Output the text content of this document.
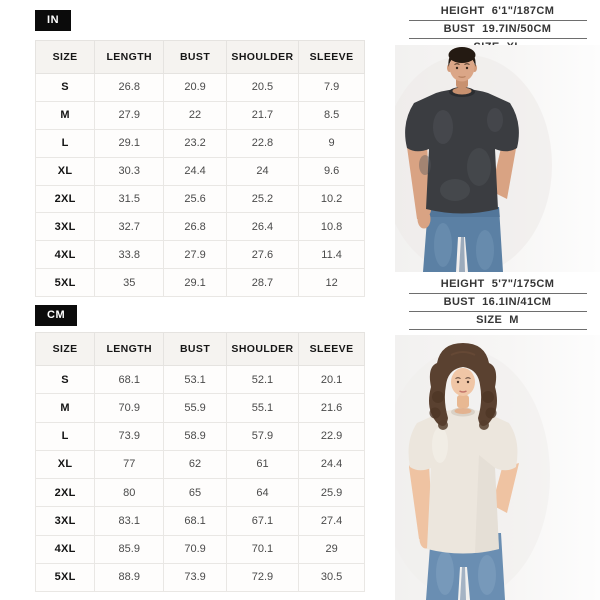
IN
SIZE	LENGTH	BUST	SHOULDER	SLEEVE
S	26.8	20.9	20.5	7.9
M	27.9	22	21.7	8.5
L	29.1	23.2	22.8	9
XL	30.3	24.4	24	9.6
2XL	31.5	25.6	25.2	10.2
3XL	32.7	26.8	26.4	10.8
4XL	33.8	27.9	27.6	11.4
5XL	35	29.1	28.7	12
CM
SIZE	LENGTH	BUST	SHOULDER	SLEEVE
S	68.1	53.1	52.1	20.1
M	70.9	55.9	55.1	21.6
L	73.9	58.9	57.9	22.9
XL	77	62	61	24.4
2XL	80	65	64	25.9
3XL	83.1	68.1	67.1	27.4
4XL	85.9	70.9	70.1	29
5XL	88.9	73.9	72.9	30.5
HEIGHT 6'1"/187CM
BUST 19.7IN/50CM
HEIGHT 5'7"/175CM
BUST 16.1IN/41CM
SIZE M
